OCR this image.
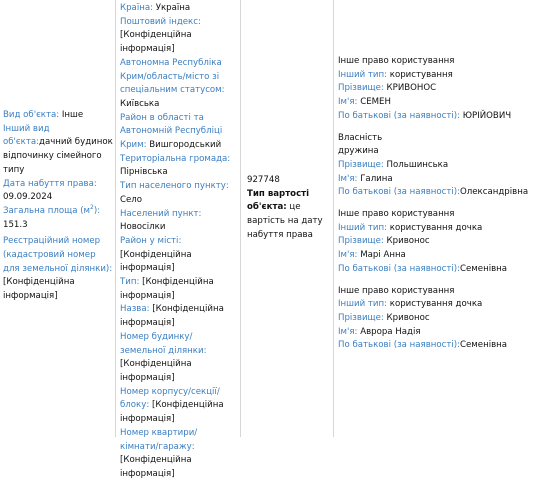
Вид об'єкта: Інше

Інший вид об'єкта:дачний будинок відпочинку сімейного типу

Дата набуття права:

09.09.2024

Загальна площа $(м^2)$:

151.3

Реєстраційний номер (кадастровий номер для земельної ділянки):

[Конфіденційна інформація]

Країна: Україна

Поштовий індекс:

[Конфіденційна інформація]

Автономна Республіка Крим/область/місто зі спеціальним статусом:

Київська

Район в області та Автономній Республіці Крим: Вишгородський

Територіальна громада:

Пірнівська

Тип населеного пункту:

Село

Населений пункт:

Новосілки

Район у місті:

[Конфіденційна інформація]

Тип: [Конфіденційна інформація]

Назва: [Конфіденційна інформація]

Номер будинку/земельної ділянки: [Конфіденційна інформація]

Номер корпусу/секції/блоку: [Конфіденційна інформація]

Номер квартири/кімнати/гаражу: [Конфіденційна інформація]

927748

Тип вартості об'єкта: це вартість на дату набуття права

Інше право користування

Інший тип: користування

Прізвище: КРИВОНОС

Ім'я: СЕМЕН

По батькові (за наявності): ЮРІЙОВИЧ

Власність

дружина

Прізвище: Польшинська

Ім'я: Галина

По батькові (за наявності):Олександрівна

Інше право користування

Інший тип: користування дочка

Прізвище: Кривонос

Ім'я: Марі Анна

По батькові (за наявності):Семенівна

Інше право користування

Інший тип: користування дочка

Прізвище: Кривонос

Ім'я: Аврора Надія

По батькові (за наявності):Семенівна
